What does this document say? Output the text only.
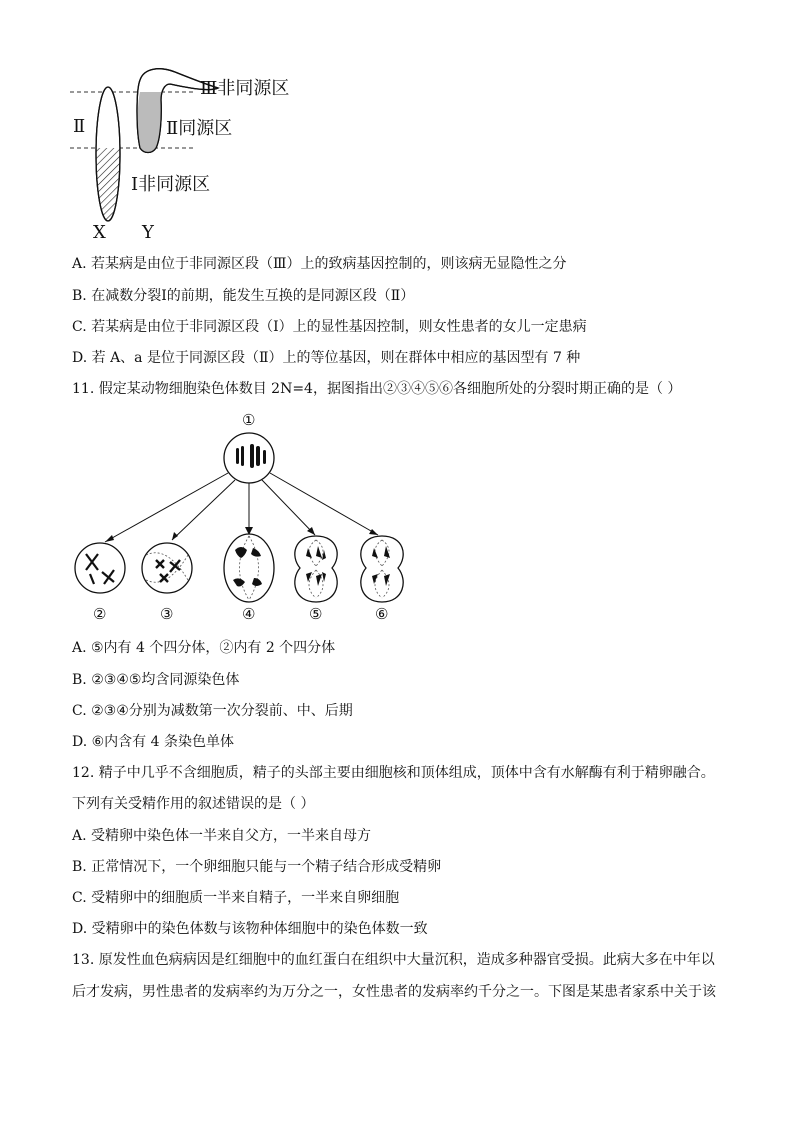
Ⅲ非同源区
Ⅱ同源区
Ⅱ
Ⅰ非同源区
X Y
A. 若某病是由位于非同源区段（Ⅲ）上的致病基因控制的，则该病无显隐性之分
B. 在减数分裂Ⅰ的前期，能发生互换的是同源区段（Ⅱ）
C. 若某病是由位于非同源区段（Ⅰ）上的显性基因控制，则女性患者的女儿一定患病
D. 若 A、a 是位于同源区段（Ⅱ）上的等位基因，则在群体中相应的基因型有 7 种
11. 假定某动物细胞染色体数目 2N=4，据图指出②③④⑤⑥各细胞所处的分裂时期正确的是（ ）
①
②	③	④	⑤	⑥
A. ⑤内有 4 个四分体，②内有 2 个四分体
B. ②③④⑤均含同源染色体
C. ②③④分别为减数第一次分裂前、中、后期
D. ⑥内含有 4 条染色单体
12. 精子中几乎不含细胞质，精子的头部主要由细胞核和顶体组成，顶体中含有水解酶有利于精卵融合。
下列有关受精作用的叙述错误的是（ ）
A. 受精卵中染色体一半来自父方，一半来自母方
B. 正常情况下，一个卵细胞只能与一个精子结合形成受精卵
C. 受精卵中的细胞质一半来自精子，一半来自卵细胞
D. 受精卵中的染色体数与该物种体细胞中的染色体数一致
13. 原发性血色病病因是红细胞中的血红蛋白在组织中大量沉积，造成多种器官受损。此病大多在中年以
后才发病，男性患者的发病率约为万分之一，女性患者的发病率约千分之一。下图是某患者家系中关于该
